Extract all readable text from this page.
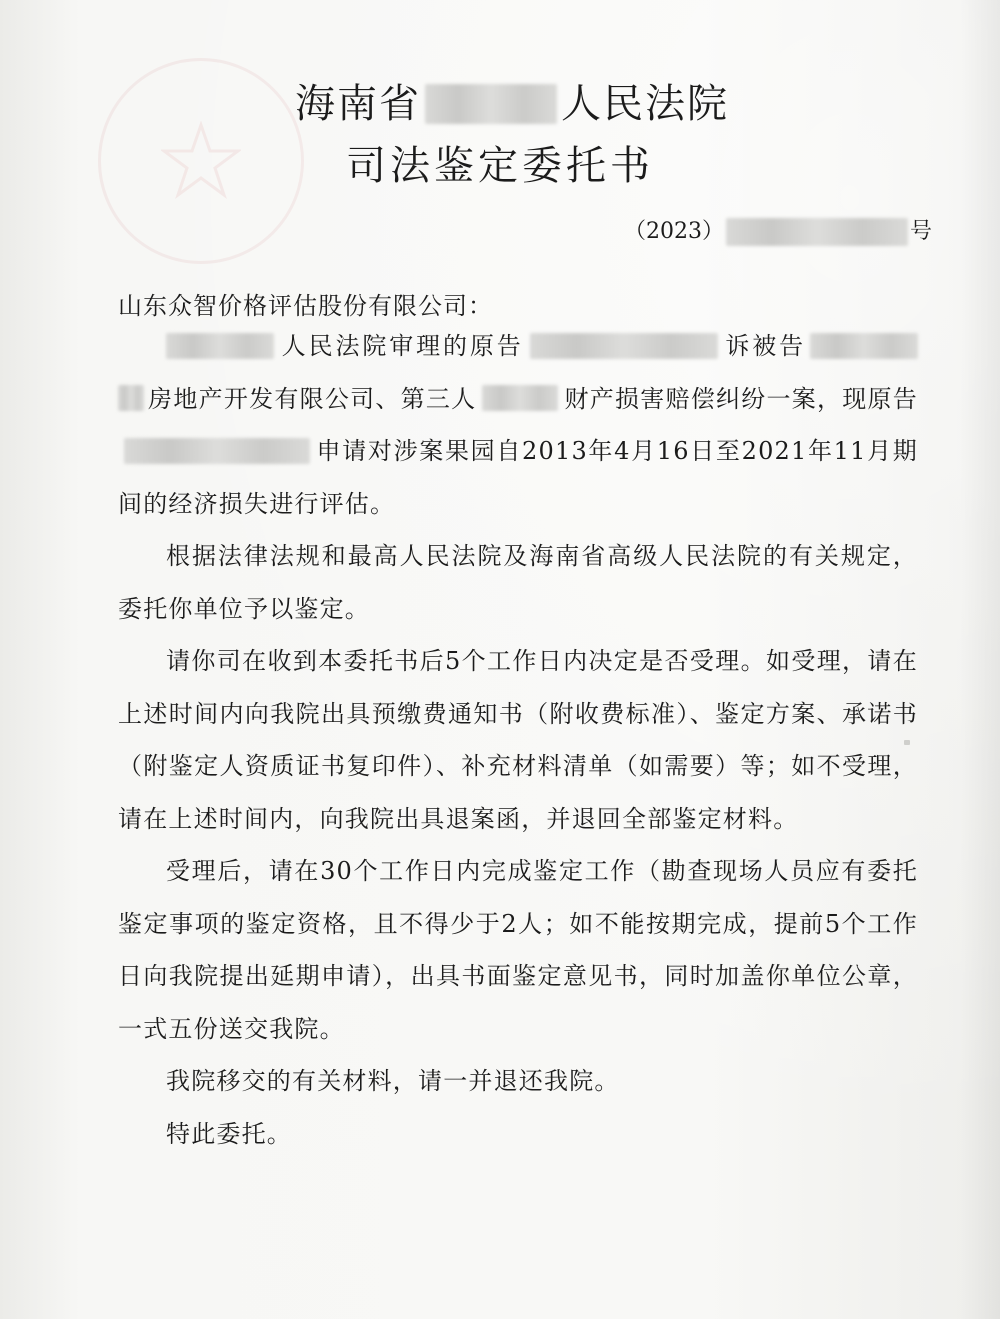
海南省	人民法院
司法鉴定委托书
（2023）	号
山东众智价格评估股份有限公司：

人民法院审理的原告	诉被告房地产开发有限公司、第三人	财产损害赔偿纠纷一案，现原告申请对涉案果园自2013年4月16日至2021年11月期间的经济损失进行评估。

根据法律法规和最高人民法院及海南省高级人民法院的有关规定，委托你单位予以鉴定。

请你司在收到本委托书后5个工作日内决定是否受理。如受理，请在上述时间内向我院出具预缴费通知书（附收费标准）、鉴定方案、承诺书（附鉴定人资质证书复印件）、补充材料清单（如需要）等；如不受理，请在上述时间内，向我院出具退案函，并退回全部鉴定材料。

受理后，请在30个工作日内完成鉴定工作（勘查现场人员应有委托鉴定事项的鉴定资格，且不得少于2人；如不能按期完成，提前5个工作日向我院提出延期申请），出具书面鉴定意见书，同时加盖你单位公章，一式五份送交我院。

我院移交的有关材料，请一并退还我院。

特此委托。
